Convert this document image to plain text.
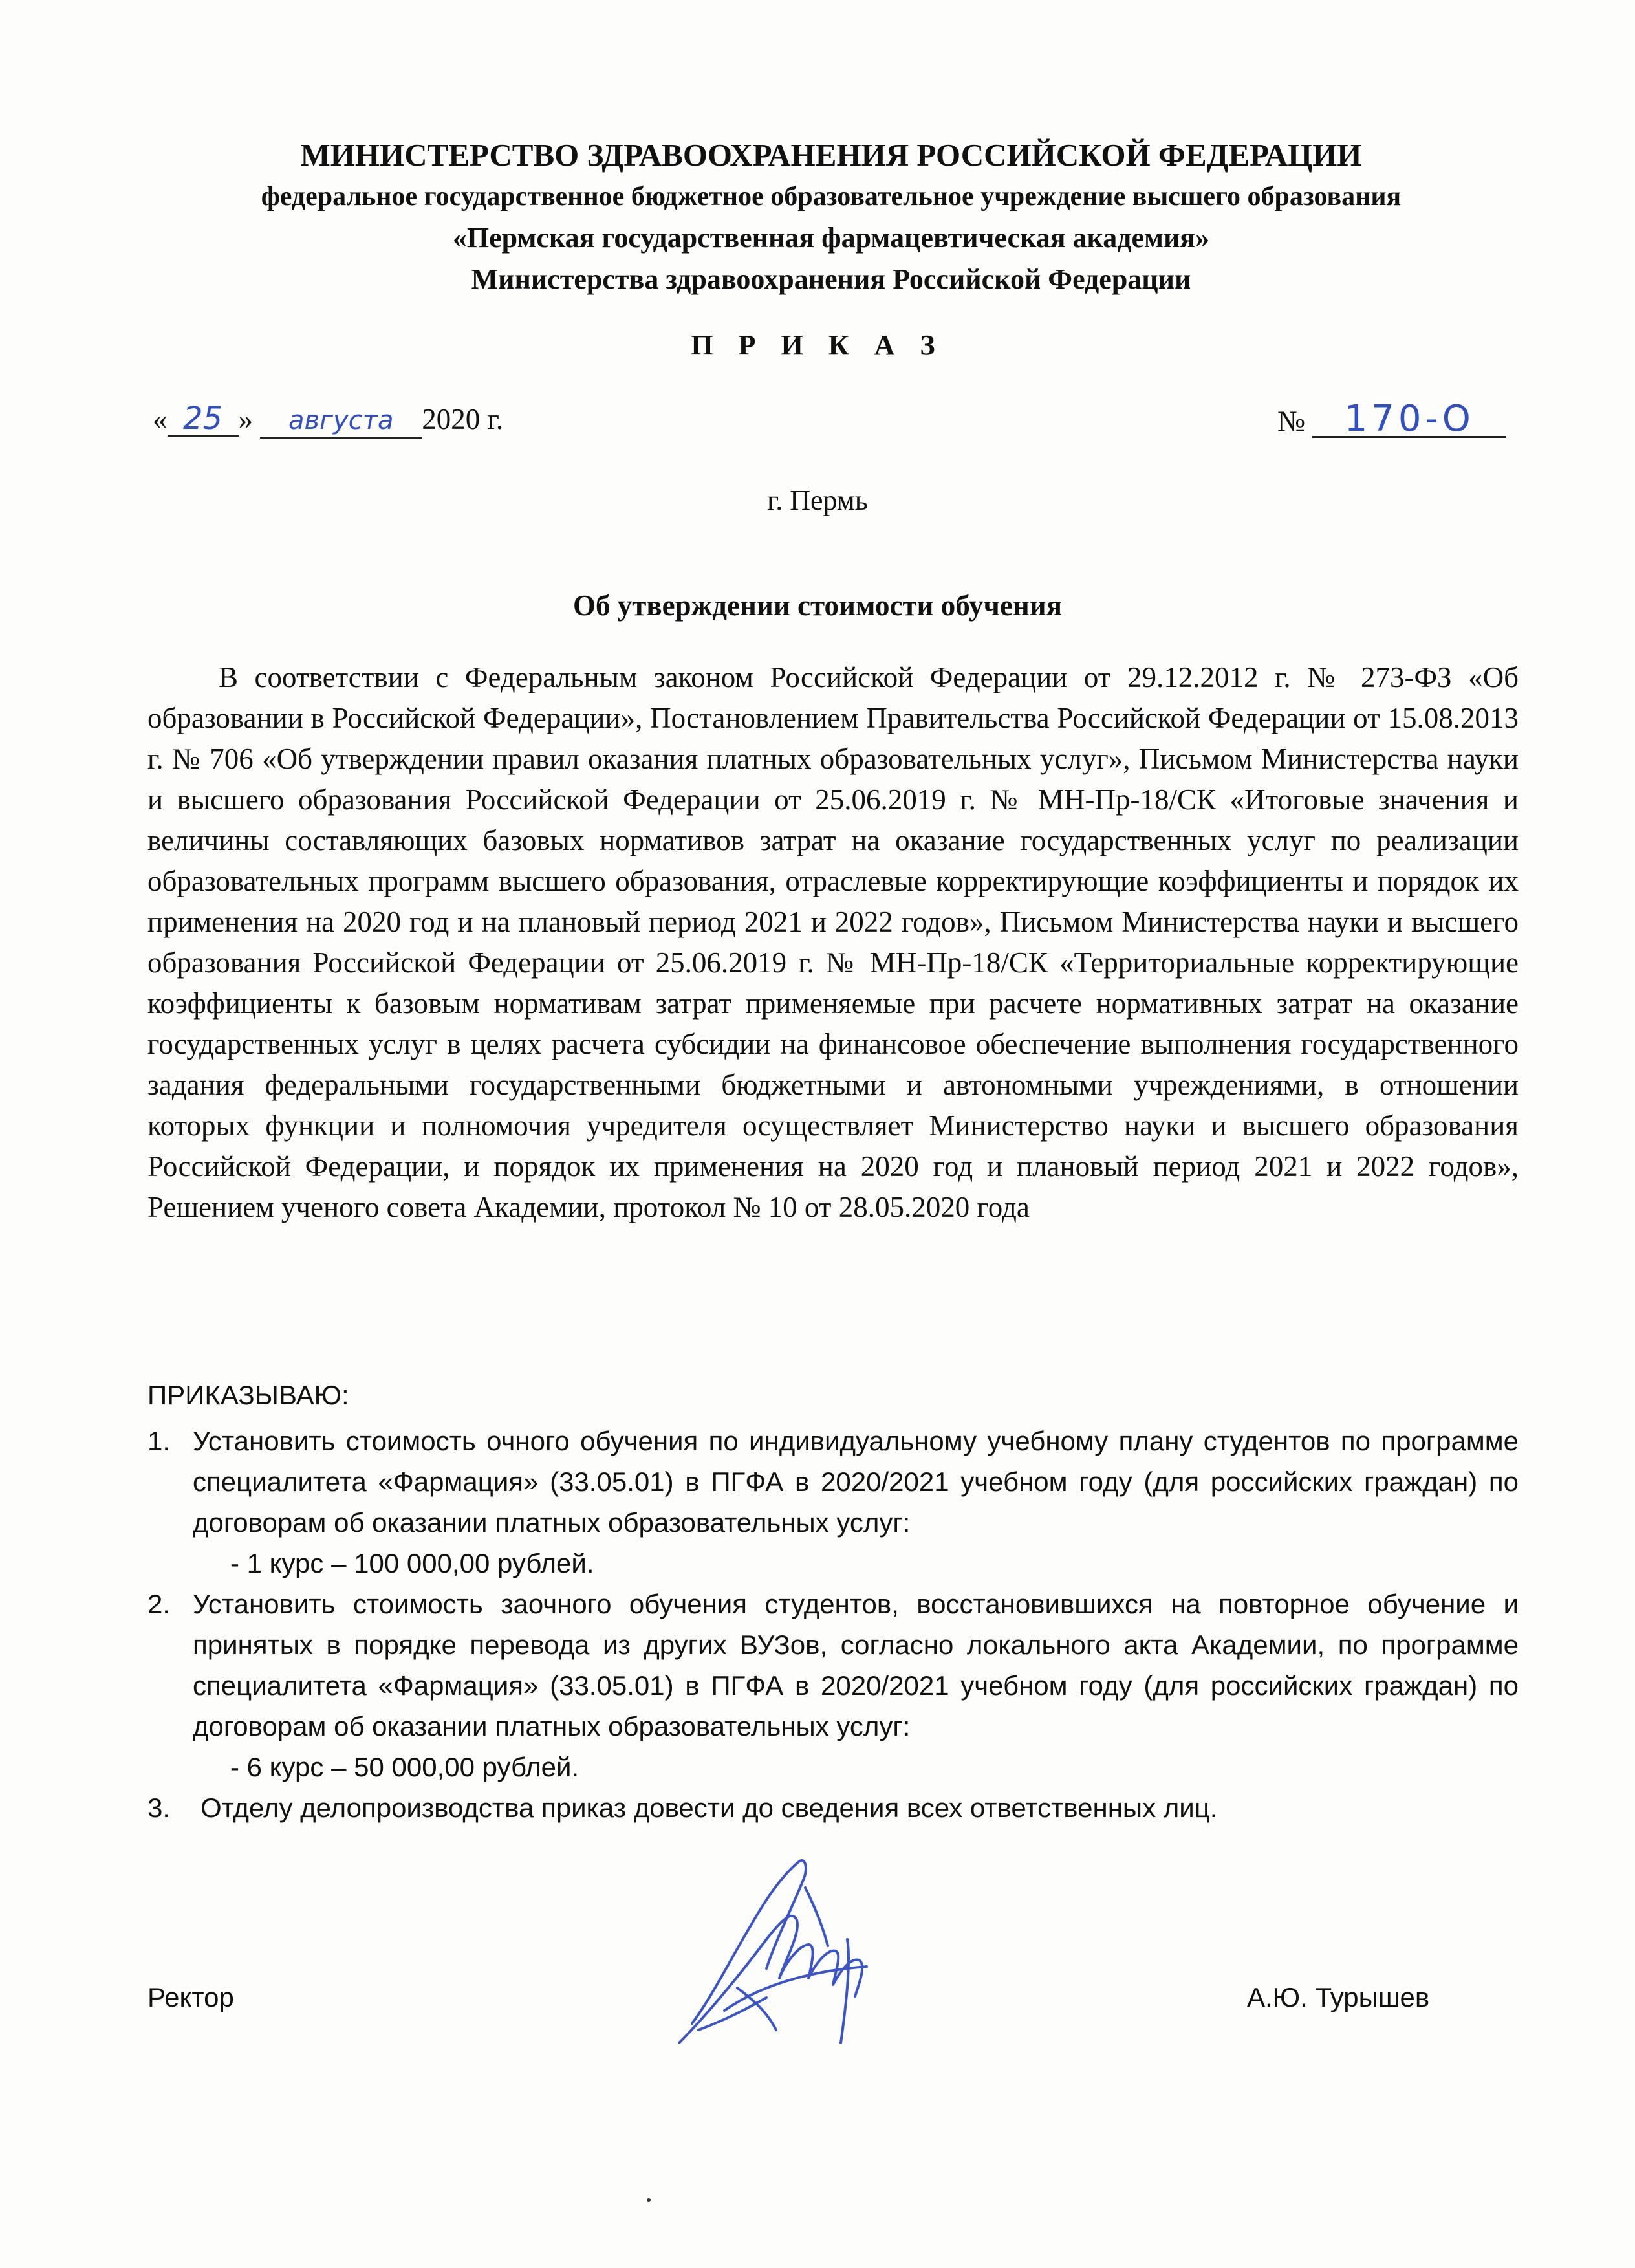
МИНИСТЕРСТВО ЗДРАВООХРАНЕНИЯ РОССИЙСКОЙ ФЕДЕРАЦИИ
федеральное государственное бюджетное образовательное учреждение высшего образования
«Пермская государственная фармацевтическая академия»
Министерства здравоохранения Российской Федерации
П Р И К А З
« 25 » августа 2020 г.	№ 170-О
г. Пермь
Об утверждении стоимости обучения

В соответствии с Федеральным законом Российской Федерации от 29.12.2012 г. № 273-ФЗ «Об образовании в Российской Федерации», Постановлением Правительства Российской Федерации от 15.08.2013 г. № 706 «Об утверждении правил оказания платных образовательных услуг», Письмом Министерства науки и высшего образования Российской Федерации от 25.06.2019 г. № МН-Пр-18/СК «Итоговые значения и величины составляющих базовых нормативов затрат на оказание государственных услуг по реализации образовательных программ высшего образования, отраслевые корректирующие коэффициенты и порядок их применения на 2020 год и на плановый период 2021 и 2022 годов», Письмом Министерства науки и высшего образования Российской Федерации от 25.06.2019 г. № МН-Пр-18/СК «Территориальные корректирующие коэффициенты к базовым нормативам затрат применяемые при расчете нормативных затрат на оказание государственных услуг в целях расчета субсидии на финансовое обеспечение выполнения государственного задания федеральными государственными бюджетными и автономными учреждениями, в отношении которых функции и полномочия учредителя осуществляет Министерство науки и высшего образования Российской Федерации, и порядок их применения на 2020 год и плановый период 2021 и 2022 годов», Решением ученого совета Академии, протокол № 10 от 28.05.2020 года

ПРИКАЗЫВАЮ:
1. Установить стоимость очного обучения по индивидуальному учебному плану студентов по программе специалитета «Фармация» (33.05.01) в ПГФА в 2020/2021 учебном году (для российских граждан) по договорам об оказании платных образовательных услуг:
- 1 курс – 100 000,00 рублей.
2. Установить стоимость заочного обучения студентов, восстановившихся на повторное обучение и принятых в порядке перевода из других ВУЗов, согласно локального акта Академии, по программе специалитета «Фармация» (33.05.01) в ПГФА в 2020/2021 учебном году (для российских граждан) по договорам об оказании платных образовательных услуг:
- 6 курс – 50 000,00 рублей.
3. Отделу делопроизводства приказ довести до сведения всех ответственных лиц.
Ректор	А.Ю. Турышев
